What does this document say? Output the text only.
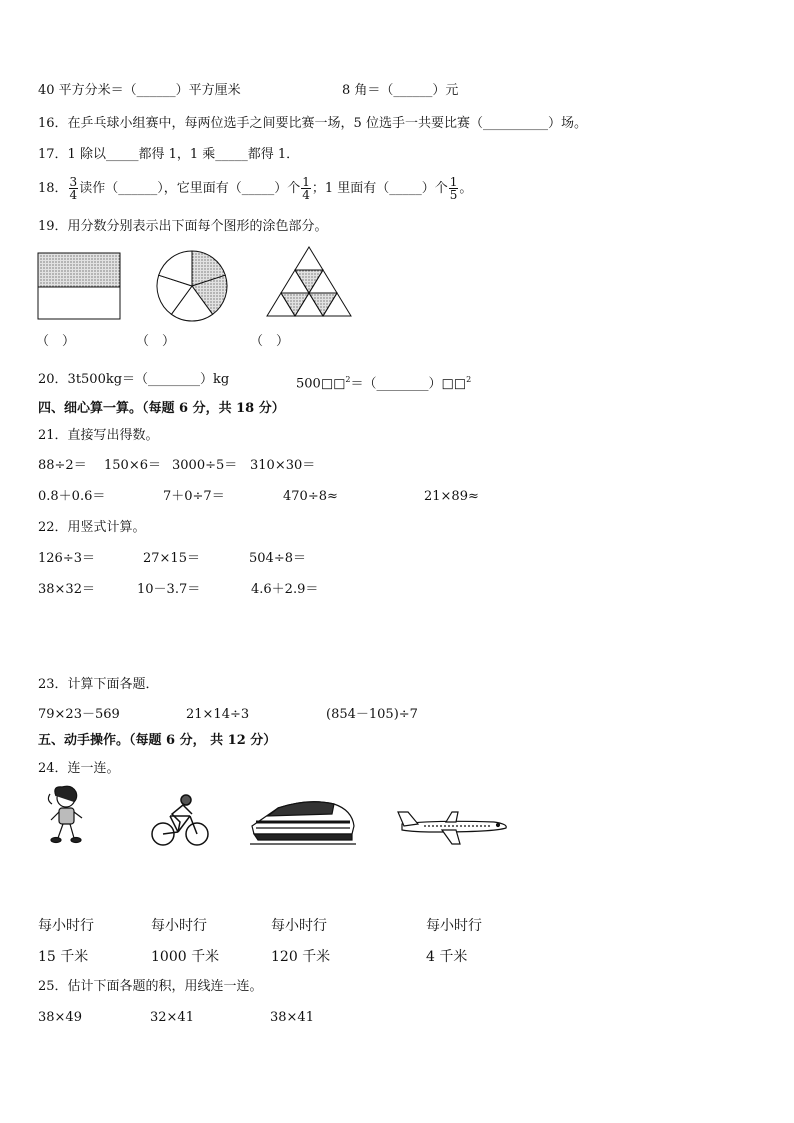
40 平方分米＝（______）平方厘米	8 角＝（______）元
16．在乒乓球小组赛中，每两位选手之间要比赛一场，5 位选手一共要比赛（__________）场。
17．1 除以_____都得 1，1 乘_____都得 1．
18． $\frac{3}{4}$ 读作（______），它里面有（_____）个 $\frac{1}{4}$ ；1 里面有（_____）个 $\frac{1}{5}$ 。
19．用分数分别表示出下面每个图形的涂色部分。
（　）	（　）	（　）
20．3t500kg＝（________）kg	500□□$^2$＝（________）□□$^2$
四、细心算一算。（每题 6 分，共 18 分）
21．直接写出得数。
88÷2＝ 150×6＝ 3000÷5＝ 310×30＝
0.8＋0.6＝	7＋0÷7＝	470÷8≈	21×89≈
22．用竖式计算。
126÷3＝	27×15＝	504÷8＝
38×32＝	10－3.7＝	4.6＋2.9＝
23．计算下面各题．
79×23－569	21×14÷3	(854－105)÷7
五、动手操作。（每题 6 分， 共 12 分）
24．连一连。
每小时行	每小时行	每小时行	每小时行
15 千米	1000 千米	120 千米	4 千米
25．估计下面各题的积，用线连一连。
38×49	32×41	38×41
